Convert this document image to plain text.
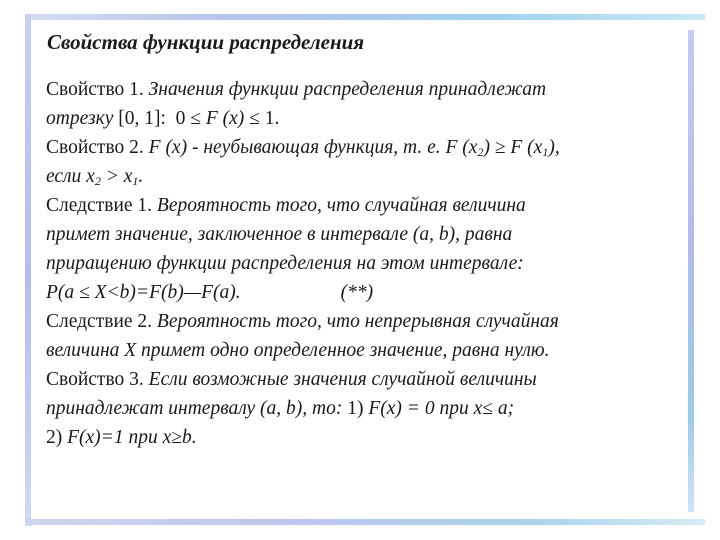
Свойства функции распределения
Свойство 1. Значения функции распределения принадлежат
отрезку [0, 1]: 0 ≤ F (x) ≤ 1.
Свойство 2. F (x) - неубывающая функция, т. е. F $(x_2) \ge F$ $(x_1)$,
если $x_2 > x_1$.
Следствие 1. Вероятность того, что случайная величина
примет значение, заключенное в интервале (a, b), равна
приращению функции распределения на этом интервале:
P(a ≤ X<b)=F(b)—F(a).	(**)
Следствие 2. Вероятность того, что непрерывная случайная
величина X примет одно определенное значение, равна нулю.
Свойство 3. Если возможные значения случайной величины
принадлежат интервалу (a, b), то: 1) F(x) = 0 при x≤ a;
2) F(x)=1 при x≥b.
